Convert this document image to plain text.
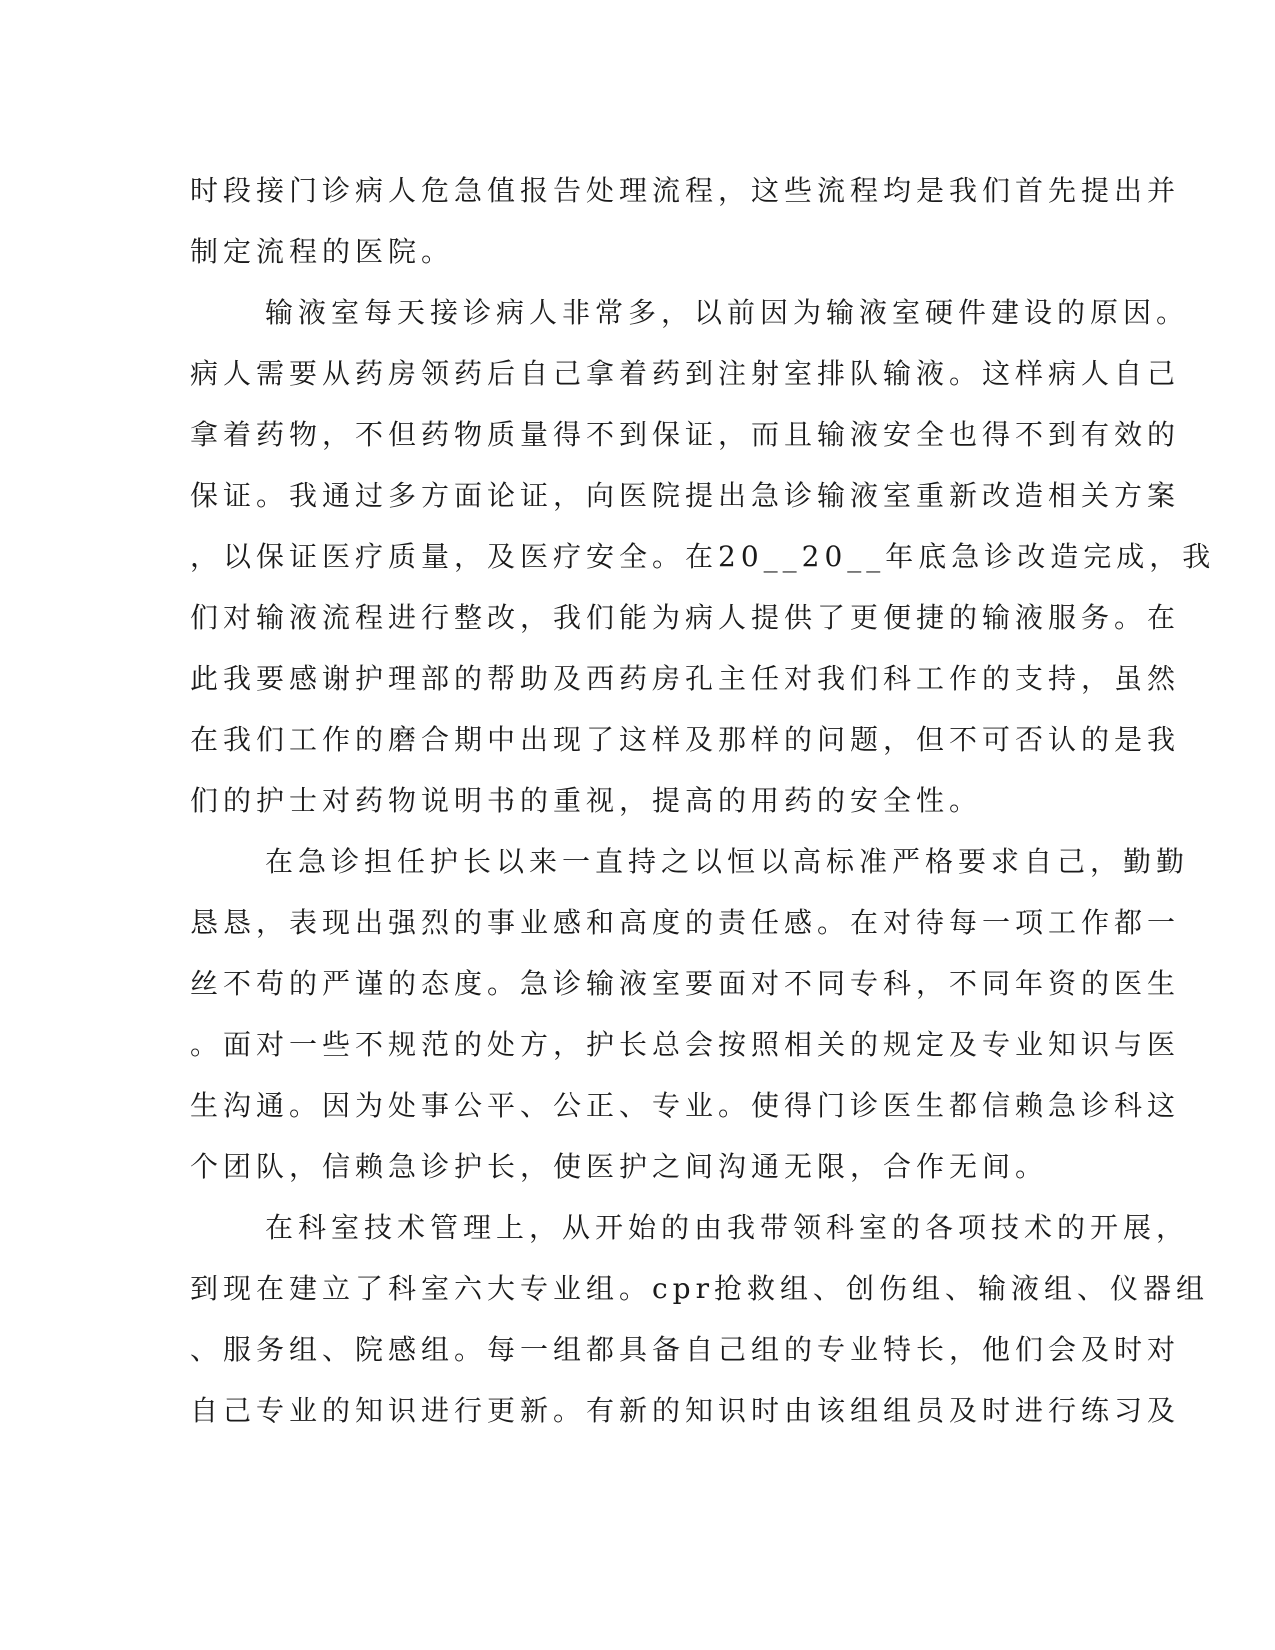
时段接门诊病人危急值报告处理流程，这些流程均是我们首先提出并
制定流程的医院。
输液室每天接诊病人非常多，以前因为输液室硬件建设的原因。
病人需要从药房领药后自己拿着药到注射室排队输液。这样病人自己
拿着药物，不但药物质量得不到保证，而且输液安全也得不到有效的
保证。我通过多方面论证，向医院提出急诊输液室重新改造相关方案
，以保证医疗质量，及医疗安全。在20__20__年底急诊改造完成，我
们对输液流程进行整改，我们能为病人提供了更便捷的输液服务。在
此我要感谢护理部的帮助及西药房孔主任对我们科工作的支持，虽然
在我们工作的磨合期中出现了这样及那样的问题，但不可否认的是我
们的护士对药物说明书的重视，提高的用药的安全性。
在急诊担任护长以来一直持之以恒以高标准严格要求自己，勤勤
恳恳，表现出强烈的事业感和高度的责任感。在对待每一项工作都一
丝不苟的严谨的态度。急诊输液室要面对不同专科，不同年资的医生
。面对一些不规范的处方，护长总会按照相关的规定及专业知识与医
生沟通。因为处事公平、公正、专业。使得门诊医生都信赖急诊科这
个团队，信赖急诊护长，使医护之间沟通无限，合作无间。
在科室技术管理上，从开始的由我带领科室的各项技术的开展，
到现在建立了科室六大专业组。cpr抢救组、创伤组、输液组、仪器组
、服务组、院感组。每一组都具备自己组的专业特长，他们会及时对
自己专业的知识进行更新。有新的知识时由该组组员及时进行练习及
